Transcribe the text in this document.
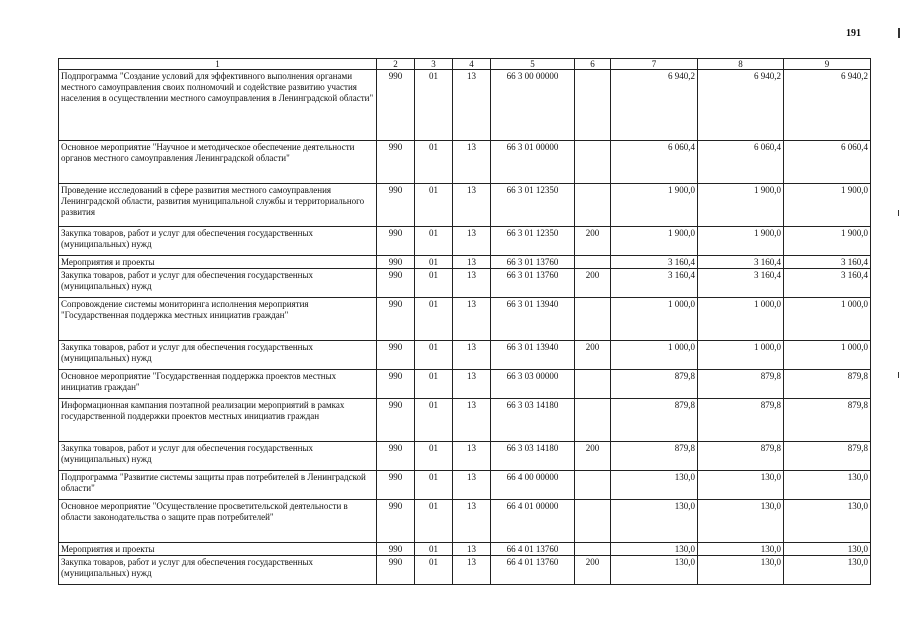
191
1	2	3	4	5	6	7	8	9
Подпрограмма "Создание условий для эффективного выполнения органами местного самоуправления своих полномочий и содействие развитию участия населения в осуществлении местного самоуправления в Ленинградской области"	990	01	13	66 3 00 00000		6 940,2	6 940,2	6 940,2
Основное мероприятие "Научное и методическое обеспечение деятельности органов местного самоуправления Ленинградской области"	990	01	13	66 3 01 00000		6 060,4	6 060,4	6 060,4
Проведение исследований в сфере развития местного самоуправления Ленинградской области, развития муниципальной службы и территориального развития	990	01	13	66 3 01 12350		1 900,0	1 900,0	1 900,0
Закупка товаров, работ и услуг для обеспечения государственных (муниципальных) нужд	990	01	13	66 3 01 12350	200	1 900,0	1 900,0	1 900,0
Мероприятия и проекты	990	01	13	66 3 01 13760		3 160,4	3 160,4	3 160,4
Закупка товаров, работ и услуг для обеспечения государственных (муниципальных) нужд	990	01	13	66 3 01 13760	200	3 160,4	3 160,4	3 160,4
Сопровождение системы мониторинга исполнения мероприятия "Государственная поддержка местных инициатив граждан"	990	01	13	66 3 01 13940		1 000,0	1 000,0	1 000,0
Закупка товаров, работ и услуг для обеспечения государственных (муниципальных) нужд	990	01	13	66 3 01 13940	200	1 000,0	1 000,0	1 000,0
Основное мероприятие "Государственная поддержка проектов местных инициатив граждан"	990	01	13	66 3 03 00000		879,8	879,8	879,8
Информационная кампания поэтапной реализации мероприятий в рамках государственной поддержки проектов местных инициатив граждан	990	01	13	66 3 03 14180		879,8	879,8	879,8
Закупка товаров, работ и услуг для обеспечения государственных (муниципальных) нужд	990	01	13	66 3 03 14180	200	879,8	879,8	879,8
Подпрограмма "Развитие системы защиты прав потребителей в Ленинградской области"	990	01	13	66 4 00 00000		130,0	130,0	130,0
Основное мероприятие "Осуществление просветительской деятельности в области законодательства о защите прав потребителей"	990	01	13	66 4 01 00000		130,0	130,0	130,0
Мероприятия и проекты	990	01	13	66 4 01 13760		130,0	130,0	130,0
Закупка товаров, работ и услуг для обеспечения государственных (муниципальных) нужд	990	01	13	66 4 01 13760	200	130,0	130,0	130,0
